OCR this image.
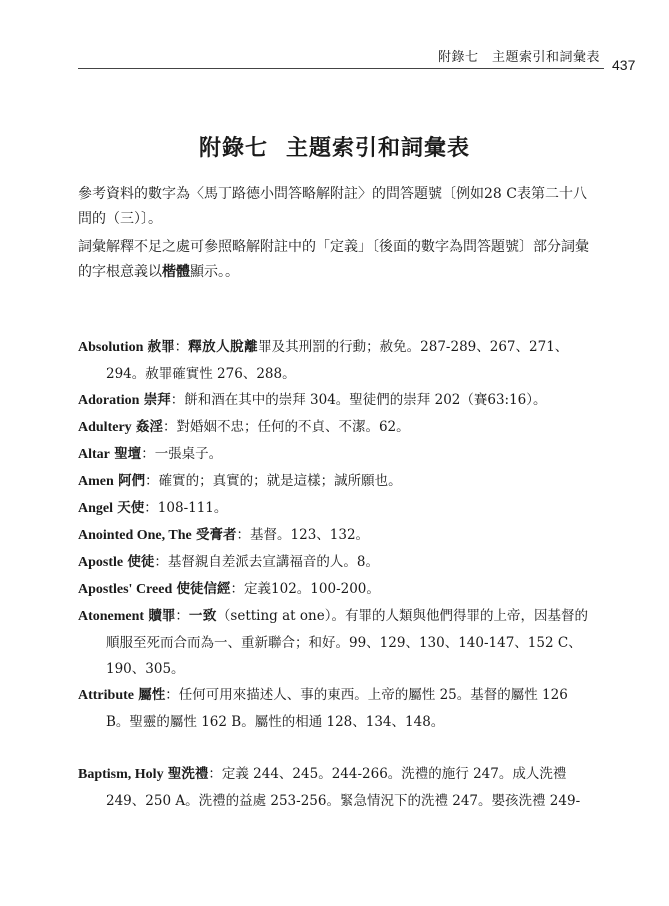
附錄七　主題索引和詞彙表 437
附錄七 主題索引和詞彙表

參考資料的數字為〈馬丁路德小問答略解附註〉的問答題號〔例如28 C表第二十八問的（三）〕。

詞彙解釋不足之處可參照略解附註中的「定義」〔後面的數字為問答題號〕部分詞彙的字根意義以楷體顯示。。

Absolution 赦罪：釋放人脫離罪及其刑罰的行動；赦免。287-289、267、271、294。赦罪確實性 276、288。

Adoration 崇拜：餅和酒在其中的崇拜 304。聖徒們的崇拜 202（賽63:16）。

Adultery 姦淫：對婚姻不忠；任何的不貞、不潔。62。

Altar 聖壇：一張桌子。

Amen 阿們：確實的；真實的；就是這樣；誠所願也。

Angel 天使：108-111。

Anointed One, The 受膏者：基督。123、132。

Apostle 使徒：基督親自差派去宣講福音的人。8。

Apostles' Creed 使徒信經：定義102。100-200。

Atonement 贖罪：一致（setting at one）。有罪的人類與他們得罪的上帝，因基督的順服至死而合而為一、重新聯合；和好。99、129、130、140-147、152 C、190、305。

Attribute 屬性：任何可用來描述人、事的東西。上帝的屬性 25。基督的屬性 126 B。聖靈的屬性 162 B。屬性的相通 128、134、148。

Baptism, Holy 聖洗禮：定義 244、245。244-266。洗禮的施行 247。成人洗禮 249、250 A。洗禮的益處 253-256。緊急情況下的洗禮 247。嬰孩洗禮 249-
